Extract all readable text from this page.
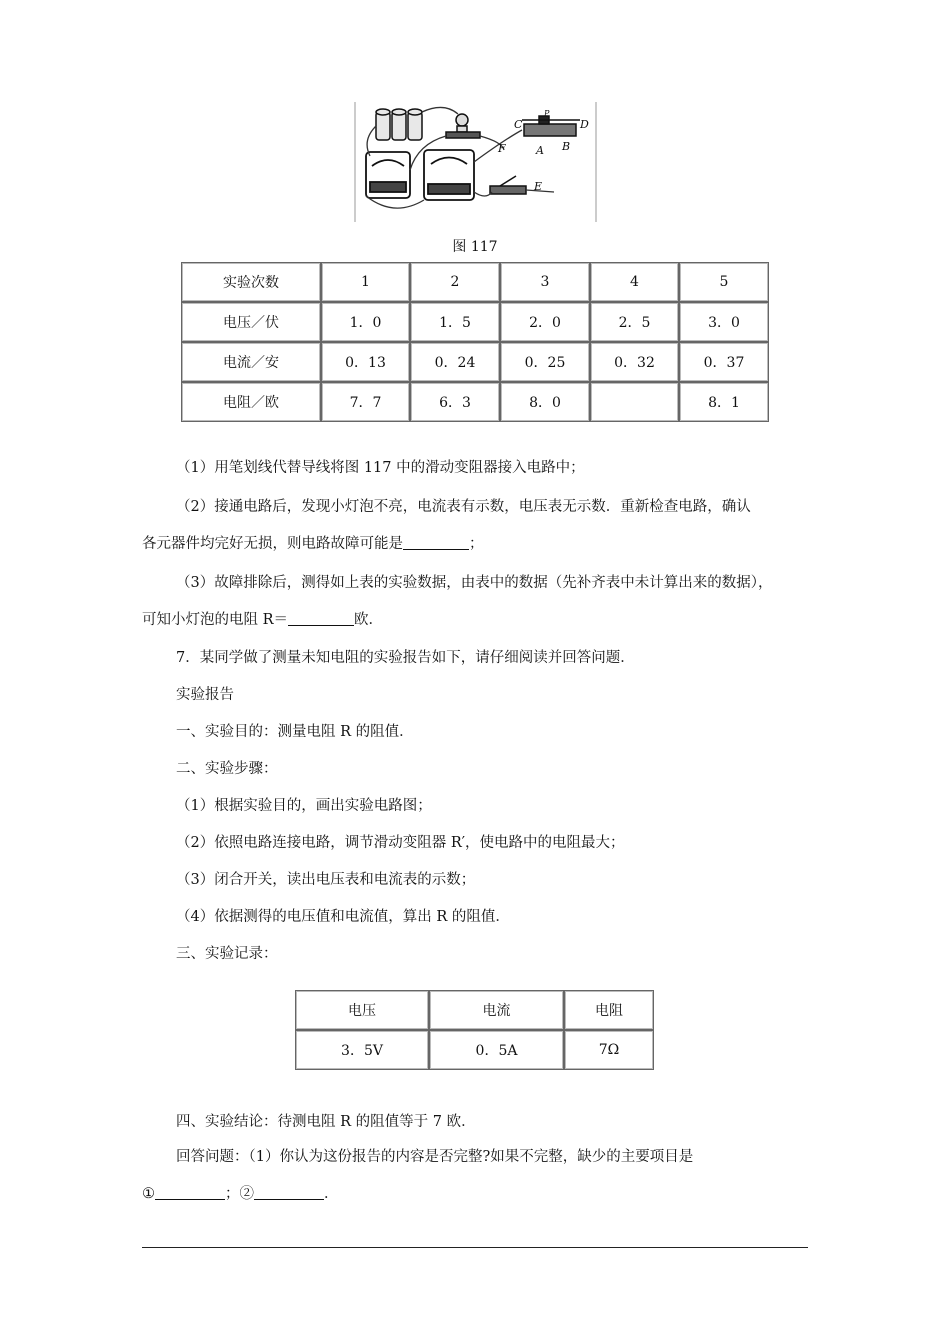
C
P
D
A B
F
E
图 117
实验次数	1	2	3	4	5
电压／伏	1．0	1．5	2．0	2．5	3．0
电流／安	0．13	0．24	0．25	0．32	0．37
电阻／欧	7．7	6．3	8．0		8．1
（1）用笔划线代替导线将图 117 中的滑动变阻器接入电路中；
（2）接通电路后，发现小灯泡不亮，电流表有示数，电压表无示数．重新检查电路，确认
各元器件均完好无损，则电路故障可能是	；
（3）故障排除后，测得如上表的实验数据，由表中的数据（先补齐表中未计算出来的数据），
可知小灯泡的电阻 R＝	欧．
7．某同学做了测量未知电阻的实验报告如下，请仔细阅读并回答问题．
实验报告
一、实验目的：测量电阻 R 的阻值．
二、实验步骤：
（1）根据实验目的，画出实验电路图；
（2）依照电路连接电路，调节滑动变阻器 R′，使电路中的电阻最大；
（3）闭合开关，读出电压表和电流表的示数；
（4）依据测得的电压值和电流值，算出 R 的阻值．
三、实验记录：
电压	电流	电阻
3．5V	0．5A	7Ω
四、实验结论：待测电阻 R 的阻值等于 7 欧．
回答问题：（1）你认为这份报告的内容是否完整?如果不完整，缺少的主要项目是
①	；②	．
